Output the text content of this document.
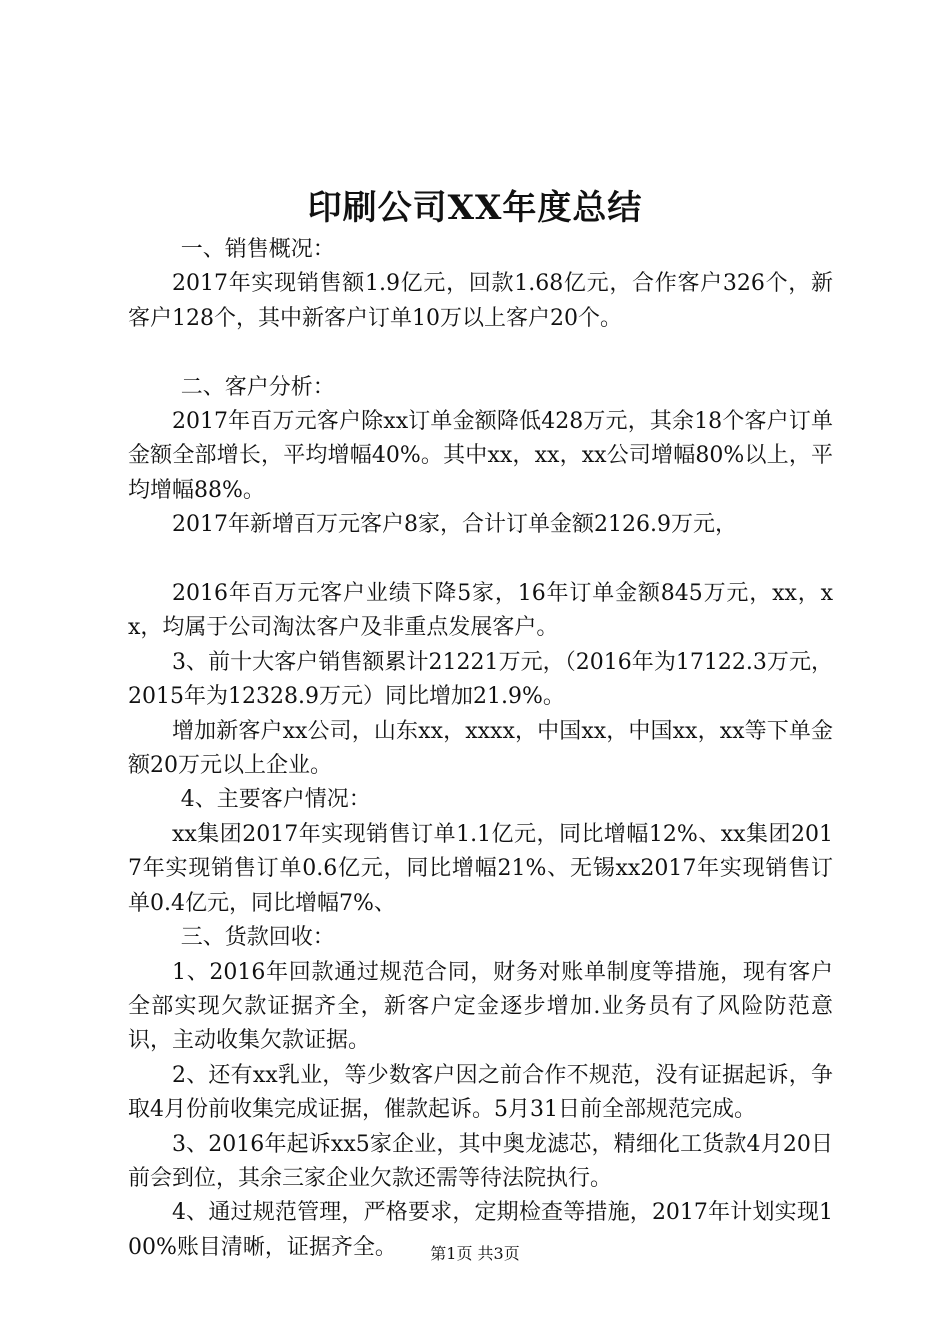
印刷公司XX年度总结

一、销售概况：

2017年实现销售额1.9亿元，回款1.68亿元，合作客户326个，新客户128个，其中新客户订单10万以上客户20个。

二、客户分析：

2017年百万元客户除xx订单金额降低428万元，其余18个客户订单金额全部增长，平均增幅40%。其中xx，xx，xx公司增幅80%以上，平均增幅88%。

2017年新增百万元客户8家，合计订单金额2126.9万元，

2016年百万元客户业绩下降5家，16年订单金额845万元，xx，xx，均属于公司淘汰客户及非重点发展客户。

3、前十大客户销售额累计21221万元，（2016年为17122.3万元，2015年为12328.9万元）同比增加21.9%。

增加新客户xx公司，山东xx，xxxx，中国xx，中国xx，xx等下单金额20万元以上企业。

4、主要客户情况：

xx集团2017年实现销售订单1.1亿元，同比增幅12%、xx集团2017年实现销售订单0.6亿元，同比增幅21%、无锡xx2017年实现销售订单0.4亿元，同比增幅7%、

三、货款回收：

1、2016年回款通过规范合同，财务对账单制度等措施，现有客户全部实现欠款证据齐全，新客户定金逐步增加.业务员有了风险防范意识，主动收集欠款证据。

2、还有xx乳业，等少数客户因之前合作不规范，没有证据起诉，争取4月份前收集完成证据，催款起诉。5月31日前全部规范完成。

3、2016年起诉xx5家企业，其中奥龙滤芯，精细化工货款4月20日前会到位，其余三家企业欠款还需等待法院执行。

4、通过规范管理，严格要求，定期检查等措施，2017年计划实现100%账目清晰，证据齐全。	第1页 共3页
